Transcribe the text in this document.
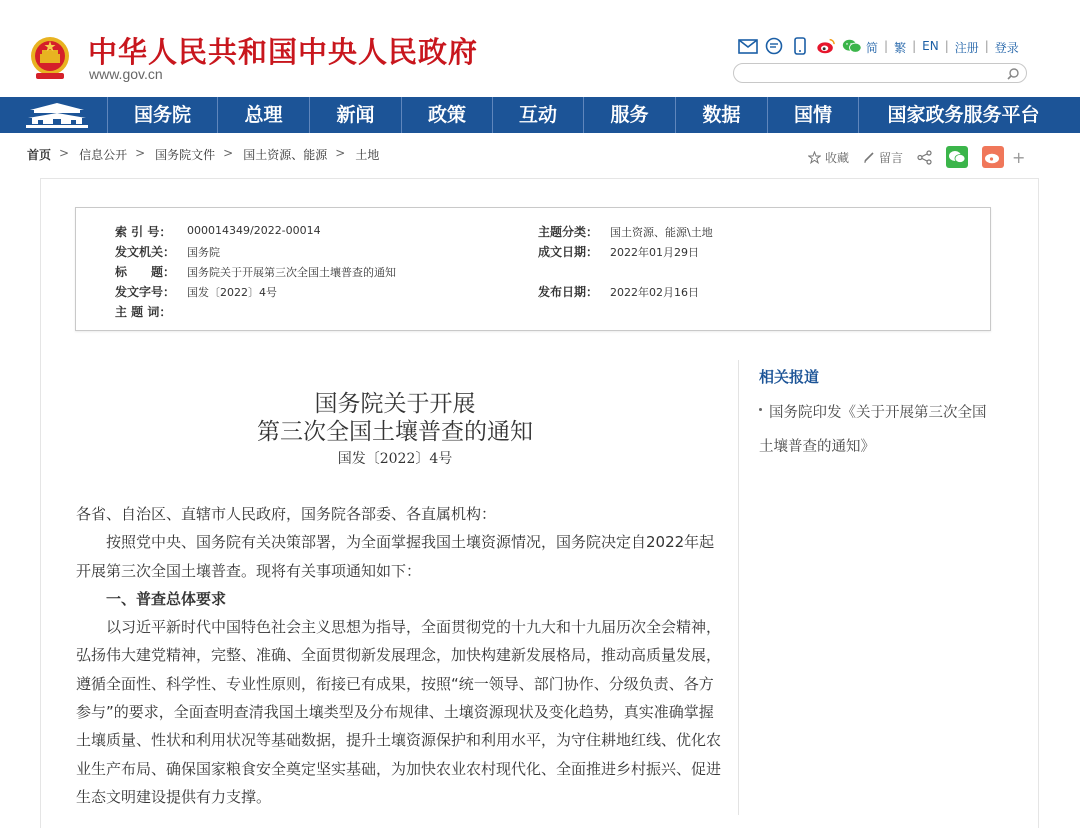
中华人民共和国中央人民政府
www.gov.cn
简 | 繁 | EN | 注册 | 登录
国务院	总理	新闻	政策	互动	服务	数据	国情	国家政务服务平台
首页 > 信息公开 > 国务院文件 > 国土资源、能源 > 土地	收藏	留言	+
索 引 号： 000014349/2022-00014	主题分类： 国土资源、能源\土地
发文机关： 国务院	成文日期： 2022年01月29日
标　　题： 国务院关于开展第三次全国土壤普查的通知
发文字号： 国发〔2022〕4号	发布日期： 2022年02月16日
主 题 词：
国务院关于开展
第三次全国土壤普查的通知
国发〔2022〕4号

各省、自治区、直辖市人民政府，国务院各部委、各直属机构：

按照党中央、国务院有关决策部署，为全面掌握我国土壤资源情况，国务院决定自2022年起开展第三次全国土壤普查。现将有关事项通知如下：

一、普查总体要求

以习近平新时代中国特色社会主义思想为指导，全面贯彻党的十九大和十九届历次全会精神，弘扬伟大建党精神，完整、准确、全面贯彻新发展理念，加快构建新发展格局，推动高质量发展，遵循全面性、科学性、专业性原则，衔接已有成果，按照“统一领导、部门协作、分级负责、各方参与”的要求，全面查明查清我国土壤类型及分布规律、土壤资源现状及变化趋势，真实准确掌握土壤质量、性状和利用状况等基础数据，提升土壤资源保护和利用水平，为守住耕地红线、优化农业生产布局、确保国家粮食安全奠定坚实基础，为加快农业农村现代化、全面推进乡村振兴、促进生态文明建设提供有力支撑。

相关报道
国务院印发《关于开展第三次全国土壤普查的通知》
